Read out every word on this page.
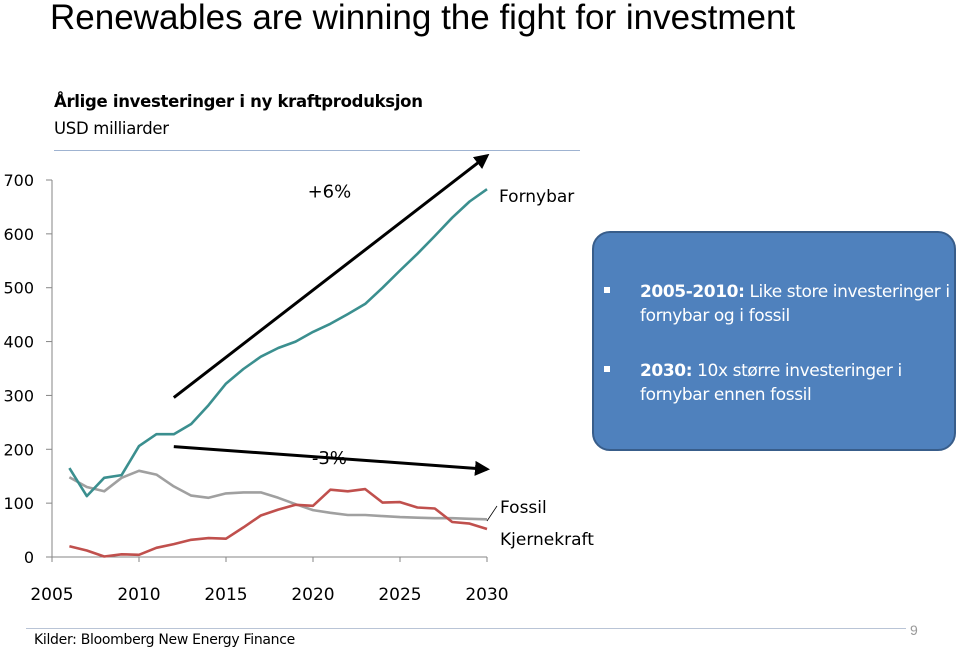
Renewables are winning the fight for investment
Årlige investeringer i ny kraftproduksjon
USD milliarder
0
100
200
300
400
500
600
700
2005	2010	2015	2020	2025	2030
+6%
-3%
Fornybar
Fossil
Kjernekraft
2005-2010: Like store investeringer i fornybar og i fossil
2030: 10x større investeringer i fornybar ennen fossil
Kilder: Bloomberg New Energy Finance
9
